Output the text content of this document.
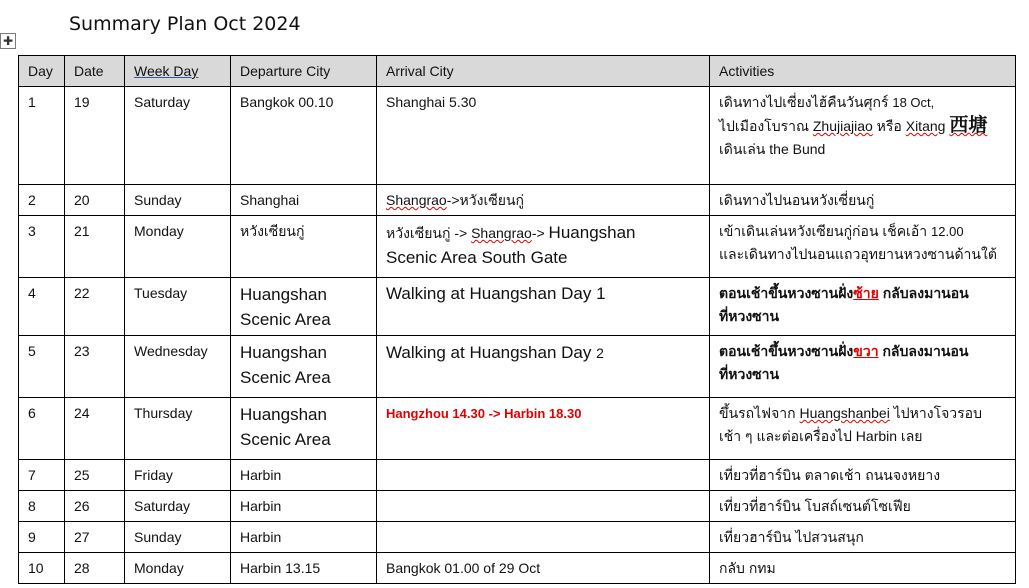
Summary Plan Oct 2024
✚
Day	Date	Week Day	Departure City	Arrival City	Activities
1	19	Saturday	Bangkok 00.10	Shanghai 5.30	เดินทางไปเซี่ยงไฮ้คืนวันศุกร์ 18 Oct,
ไปเมืองโบราณ Zhujiajiao หรือ Xitang 西塘
เดินเล่น the Bund

2	20	Sunday	Shanghai	Shangrao->หวังเซียนกู่	เดินทางไปนอนหวังเซี่ยนกู่
3	21	Monday	หวังเซียนกู่	หวังเซียนกู่ -> Shangrao-> Huangshan
Scenic Area South Gate	เข้าเดินเล่นหวังเซียนกู่ก่อน เช็คเอ้า 12.00
และเดินทางไปนอนแถวอุทยานหวงซานด้านใต้

4	22	Tuesday	Huangshan
Scenic Area	Walking at Huangshan Day 1	ตอนเช้าขึ้นหวงซานฝั่งซ้าย กลับลงมานอน
ที่หวงซาน

5	23	Wednesday	Huangshan
Scenic Area	Walking at Huangshan Day 2	ตอนเช้าขึ้นหวงซานฝั่งขวา กลับลงมานอน
ที่หวงซาน

6	24	Thursday	Huangshan
Scenic Area	Hangzhou 14.30 -> Harbin 18.30	ขึ้นรถไฟจาก Huangshanbei ไปหางโจวรอบ
เช้า ๆ และต่อเครื่องไป Harbin เลย

7	25	Friday	Harbin		เที่ยวที่ฮาร์บิน ตลาดเช้า ถนนจงหยาง
8	26	Saturday	Harbin		เที่ยวที่ฮาร์บิน โบสถ์เซนต์โซเฟีย
9	27	Sunday	Harbin		เที่ยวฮาร์บิน ไปสวนสนุก
10	28	Monday	Harbin 13.15	Bangkok 01.00 of 29 Oct	กลับ กทม
